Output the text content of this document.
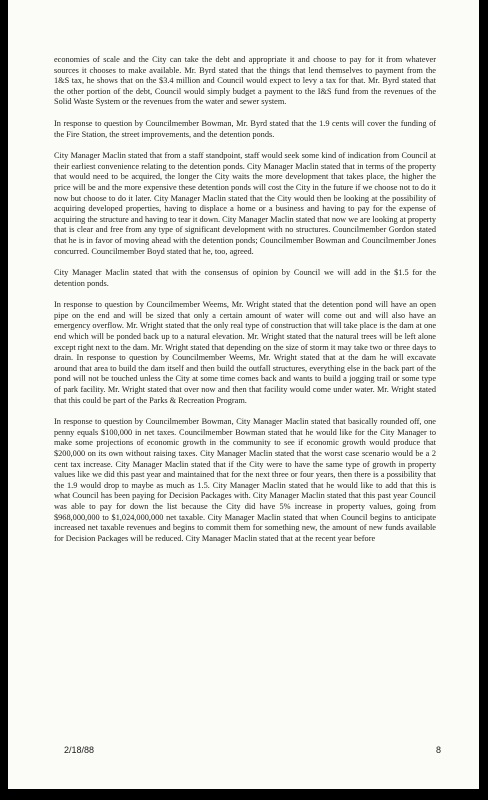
economies of scale and the City can take the debt and appropriate it and choose to pay for it from whatever sources it chooses to make available. Mr. Byrd stated that the things that lend themselves to payment from the 1&S tax, he shows that on the $3.4 million and Council would expect to levy a tax for that. Mr. Byrd stated that the other portion of the debt, Council would simply budget a payment to the I&S fund from the revenues of the Solid Waste System or the revenues from the water and sewer system.

In response to question by Councilmember Bowman, Mr. Byrd stated that the 1.9 cents will cover the funding of the Fire Station, the street improvements, and the detention ponds.

City Manager Maclin stated that from a staff standpoint, staff would seek some kind of indication from Council at their earliest convenience relating to the detention ponds. City Manager Maclin stated that in terms of the property that would need to be acquired, the longer the City waits the more development that takes place, the higher the price will be and the more expensive these detention ponds will cost the City in the future if we choose not to do it now but choose to do it later. City Manager Maclin stated that the City would then be looking at the possibility of acquiring developed properties, having to displace a home or a business and having to pay for the expense of acquiring the structure and having to tear it down. City Manager Maclin stated that now we are looking at property that is clear and free from any type of significant development with no structures. Councilmember Gordon stated that he is in favor of moving ahead with the detention ponds; Councilmember Bowman and Councilmember Jones concurred. Councilmember Boyd stated that he, too, agreed.

City Manager Maclin stated that with the consensus of opinion by Council we will add in the $1.5 for the detention ponds.

In response to question by Councilmember Weems, Mr. Wright stated that the detention pond will have an open pipe on the end and will be sized that only a certain amount of water will come out and will also have an emergency overflow. Mr. Wright stated that the only real type of construction that will take place is the dam at one end which will be ponded back up to a natural elevation. Mr. Wright stated that the natural trees will be left alone except right next to the dam. Mr. Wright stated that depending on the size of storm it may take two or three days to drain. In response to question by Councilmember Weems, Mr. Wright stated that at the dam he will excavate around that area to build the dam itself and then build the outfall structures, everything else in the back part of the pond will not be touched unless the City at some time comes back and wants to build a jogging trail or some type of park facility. Mr. Wright stated that over now and then that facility would come under water. Mr. Wright stated that this could be part of the Parks & Recreation Program.

In response to question by Councilmember Bowman, City Manager Maclin stated that basically rounded off, one penny equals $100,000 in net taxes. Councilmember Bowman stated that he would like for the City Manager to make some projections of economic growth in the community to see if economic growth would produce that $200,000 on its own without raising taxes. City Manager Maclin stated that the worst case scenario would be a 2 cent tax increase. City Manager Maclin stated that if the City were to have the same type of growth in property values like we did this past year and maintained that for the next three or four years, then there is a possibility that the 1.9 would drop to maybe as much as 1.5. City Manager Maclin stated that he would like to add that this is what Council has been paying for Decision Packages with. City Manager Maclin stated that this past year Council was able to pay for down the list because the City did have 5% increase in property values, going from $968,000,000 to $1,024,000,000 net taxable. City Manager Maclin stated that when Council begins to anticipate increased net taxable revenues and begins to commit them for something new, the amount of new funds available for Decision Packages will be reduced. City Manager Maclin stated that at the recent year before

2/18/88	8
